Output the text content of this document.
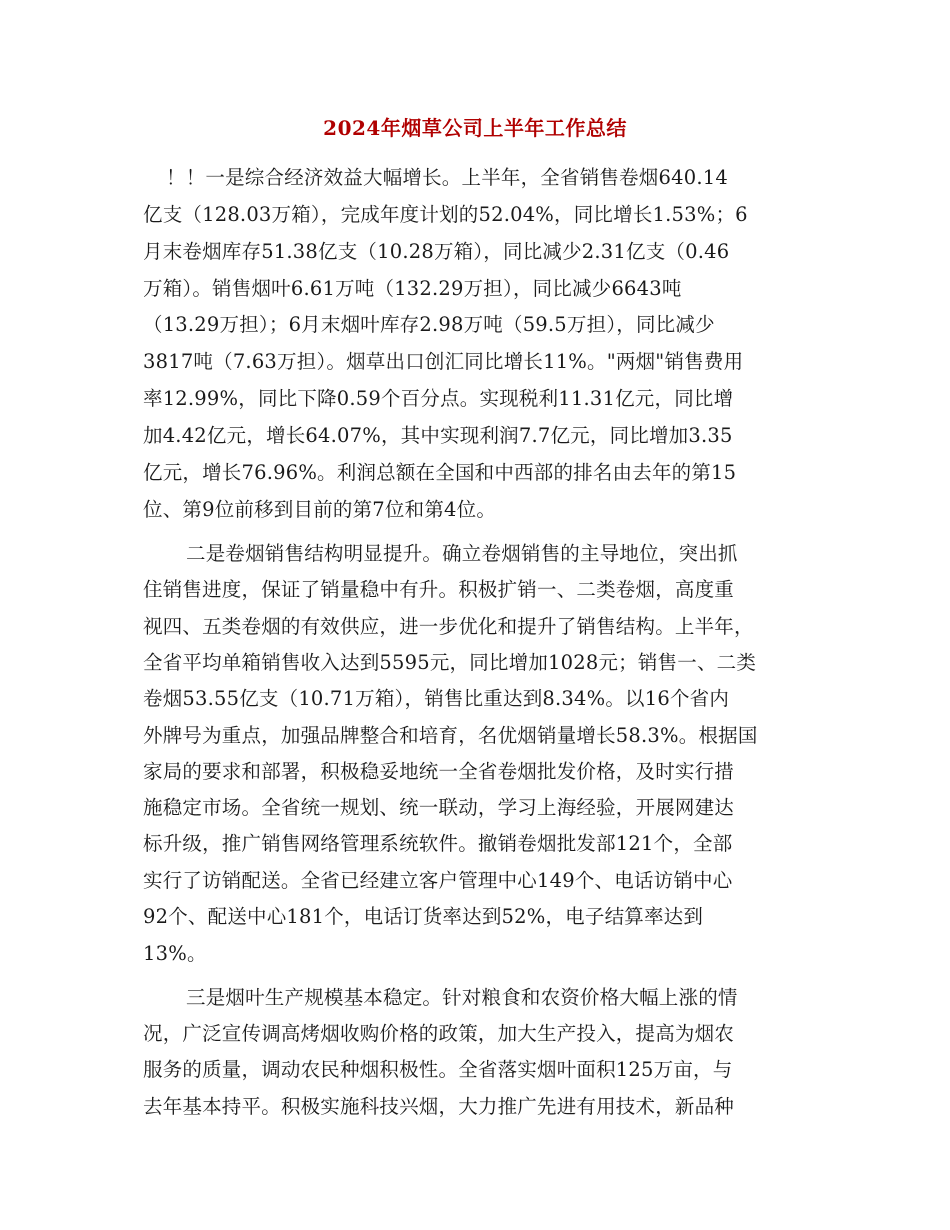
2024年烟草公司上半年工作总结
！！一是综合经济效益大幅增长。上半年，全省销售卷烟640.14
亿支（128.03万箱），完成年度计划的52.04%，同比增长1.53%；6
月末卷烟库存51.38亿支（10.28万箱），同比减少2.31亿支（0.46
万箱）。销售烟叶6.61万吨（132.29万担），同比减少6643吨
（13.29万担）；6月末烟叶库存2.98万吨（59.5万担），同比减少
3817吨（7.63万担）。烟草出口创汇同比增长11%。"两烟"销售费用
率12.99%，同比下降0.59个百分点。实现税利11.31亿元，同比增
加4.42亿元，增长64.07%，其中实现利润7.7亿元，同比增加3.35
亿元，增长76.96%。利润总额在全国和中西部的排名由去年的第15
位、第9位前移到目前的第7位和第4位。
二是卷烟销售结构明显提升。确立卷烟销售的主导地位，突出抓
住销售进度，保证了销量稳中有升。积极扩销一、二类卷烟，高度重
视四、五类卷烟的有效供应，进一步优化和提升了销售结构。上半年，
全省平均单箱销售收入达到5595元，同比增加1028元；销售一、二类
卷烟53.55亿支（10.71万箱），销售比重达到8.34%。以16个省内
外牌号为重点，加强品牌整合和培育，名优烟销量增长58.3%。根据国
家局的要求和部署，积极稳妥地统一全省卷烟批发价格，及时实行措
施稳定市场。全省统一规划、统一联动，学习上海经验，开展网建达
标升级，推广销售网络管理系统软件。撤销卷烟批发部121个，全部
实行了访销配送。全省已经建立客户管理中心149个、电话访销中心
92个、配送中心181个，电话订货率达到52%，电子结算率达到
13%。
三是烟叶生产规模基本稳定。针对粮食和农资价格大幅上涨的情
况，广泛宣传调高烤烟收购价格的政策，加大生产投入，提高为烟农
服务的质量，调动农民种烟积极性。全省落实烟叶面积125万亩，与
去年基本持平。积极实施科技兴烟，大力推广先进有用技术，新品种
